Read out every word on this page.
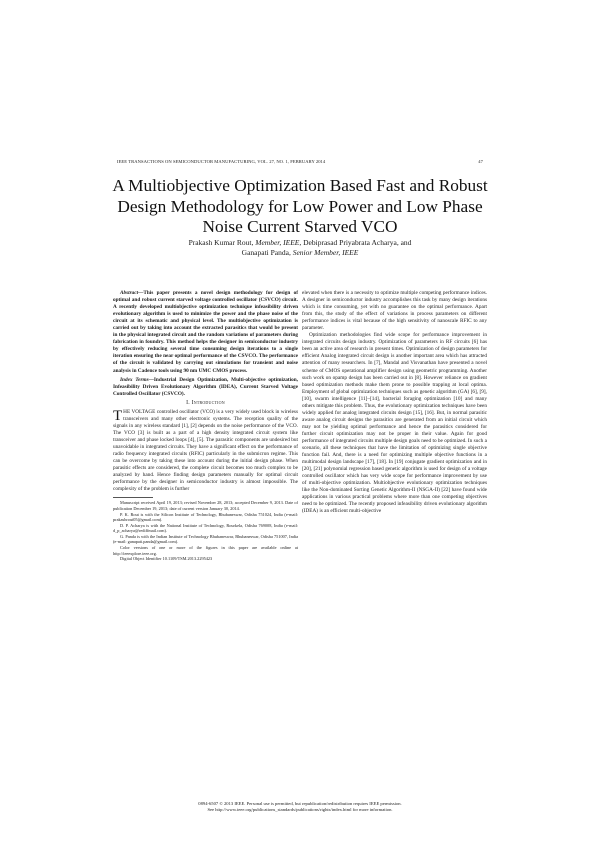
IEEE TRANSACTIONS ON SEMICONDUCTOR MANUFACTURING, VOL. 27, NO. 1, FEBRUARY 2014	47
A Multiobjective Optimization Based Fast and Robust Design Methodology for Low Power and Low Phase Noise Current Starved VCO
Prakash Kumar Rout, Member, IEEE, Debiprasad Priyabrata Acharya, and
Ganapati Panda, Senior Member, IEEE

Abstract—This paper presents a novel design methodology for design of optimal and robust current starved voltage controlled oscillator (CSVCO) circuit. A recently developed multiobjective optimization technique infeasibility driven evolutionary algorithm is used to minimize the power and the phase noise of the circuit at its schematic and physical level. The multiobjective optimization is carried out by taking into account the extracted parasitics that would be present in the physical integrated circuit and the random variations of parameters during fabrication in foundry. This method helps the designer in semiconductor industry by effectively reducing several time consuming design iterations to a single iteration ensuring the near optimal performance of the CSVCO. The performance of the circuit is validated by carrying out simulations for transient and noise analysis in Cadence tools using 90 nm UMC CMOS process.

Index Terms—Industrial Design Optimization, Multi-objective optimization, Infeasibility Driven Evolutionary Algorithm (IDEA), Current Starved Voltage Controlled Oscillator (CSVCO).

I. Introduction

THE VOLTAGE controlled oscillator (VCO) is a very widely used block in wireless transceivers and many other electronic systems. The reception quality of the signals in any wireless standard [1], [2] depends on the noise performance of the VCO. The VCO [3] is built as a part of a high density integrated circuit system like transceiver and phase locked loops [4], [5]. The parasitic components are undesired but unavoidable in integrated circuits. They have a significant effect on the performance of radio frequency integrated circuits (RFIC) particularly in the submicron regime. This can be overcome by taking these into account during the initial design phase. When parasitic effects are considered, the complete circuit becomes too much complex to be analyzed by hand. Hence finding design parameters manually for optimal circuit performance by the designer in semiconductor industry is almost impossible. The complexity of the problem is further

Manuscript received April 19, 2013; revised November 28, 2013; accepted December 9, 2013. Date of publication December 19, 2013; date of current version January 30, 2014.

P. K. Rout is with the Silicon Institute of Technology, Bhubaneswar, Odisha 751024, India (e-mail: prakashrout05@gmail.com).

D. P. Acharya is with the National Institute of Technology, Rourkela, Odisha 769008, India (e-mail: d_p_acharya@rediffmail.com).

G. Panda is with the Indian Institute of Technology Bhubaneswar, Bhubaneswar, Odisha 751007, India (e-mail: ganapati.panda@gmail.com).

Color versions of one or more of the figures in this paper are available online at http://ieeexplore.ieee.org.

Digital Object Identifier 10.1109/TSM.2013.2295423

elevated when there is a necessity to optimize multiple competing performance indices. A designer in semiconductor industry accomplishes this task by many design iterations which is time consuming, yet with no guarantee on the optimal performance. Apart from this, the study of the effect of variations in process parameters on different performance indices is vital because of the high sensitivity of nanoscale RFIC to any parameter.

Optimization methodologies find wide scope for performance improvement in integrated circuits design industry. Optimization of parameters in RF circuits [6] has been an active area of research in present times. Optimization of design parameters for efficient Analog integrated circuit design is another important area which has attracted attention of many researchers. In [7], Mandal and Visvanathan have presented a novel scheme of CMOS operational amplifier design using geometric programming. Another such work on opamp design has been carried out in [8]. However reliance on gradient based optimization methods make them prone to possible trapping at local optima. Employment of global optimization techniques such as genetic algorithm (GA) [6], [9], [10], swarm intelligence [11]–[14], bacterial foraging optimization [10] and many others mitigate this problem. Thus, the evolutionary optimization techniques have been widely applied for analog integrated circuits design [15], [16]. But, in normal parasitic aware analog circuit designs the parasitics are generated from an initial circuit which may not be yielding optimal performance and hence the parasitics considered for further circuit optimization may not be proper in their value. Again for good performance of integrated circuits multiple design goals need to be optimized. In such a scenario, all these techniques that have the limitation of optimizing single objective function fail. And, there is a need for optimizing multiple objective functions in a multimodal design landscape [17], [18]. In [19] conjugate gradient optimization and in [20], [21] polynomial regression based genetic algorithm is used for design of a voltage controlled oscillator which has very wide scope for performance improvement by use of multi-objective optimization. Multiobjective evolutionary optimization techniques like the Non-dominated Sorting Genetic Algorithm-II (NSGA-II) [22] have found wide applications in various practical problems where more than one competing objectives need to be optimized. The recently proposed infeasibility driven evolutionary algorithm (IDEA) is an efficient multi-objective

0894-6507 © 2013 IEEE. Personal use is permitted, but republication/redistribution requires IEEE permission.
See http://www.ieee.org/publications_standards/publications/rights/index.html for more information.
